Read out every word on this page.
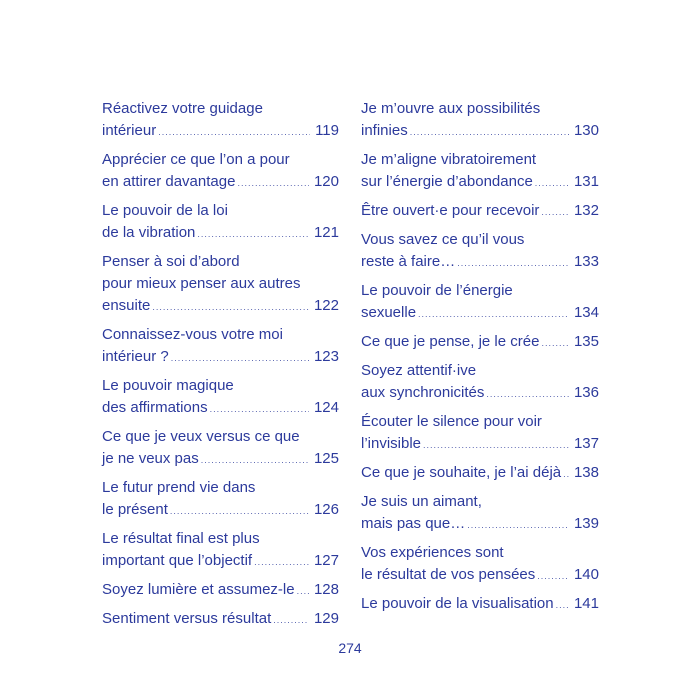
Réactivez votre guidage
intérieur .....	119
Apprécier ce que l’on a pour
en attirer davantage .....	120
Le pouvoir de la loi
de la vibration .....	121
Penser à soi d’abord
pour mieux penser aux autres
ensuite .....	122
Connaissez-vous votre moi
intérieur ? .....	123
Le pouvoir magique
des affirmations .....	124
Ce que je veux versus ce que
je ne veux pas .....	125
Le futur prend vie dans
le présent .....	126
Le résultat final est plus
important que l’objectif .....	127
Soyez lumière et assumez-le ..... 128
Sentiment versus résultat .....	129
Je m’ouvre aux possibilités
infinies .....	130
Je m’aligne vibratoirement
sur l’énergie d’abondance .....	131
Être ouvert·e pour recevoir ..... 132
Vous savez ce qu’il vous
reste à faire… .....	133
Le pouvoir de l’énergie
sexuelle .....	134
Ce que je pense, je le crée ..... 135
Soyez attentif·ive
aux synchronicités .....	136
Écouter le silence pour voir
l’invisible .....	137
Ce que je souhaite, je l’ai déjà ..... 138
Je suis un aimant,
mais pas que… .....	139
Vos expériences sont
le résultat de vos pensées .....	140
Le pouvoir de la visualisation ..... 141
274
